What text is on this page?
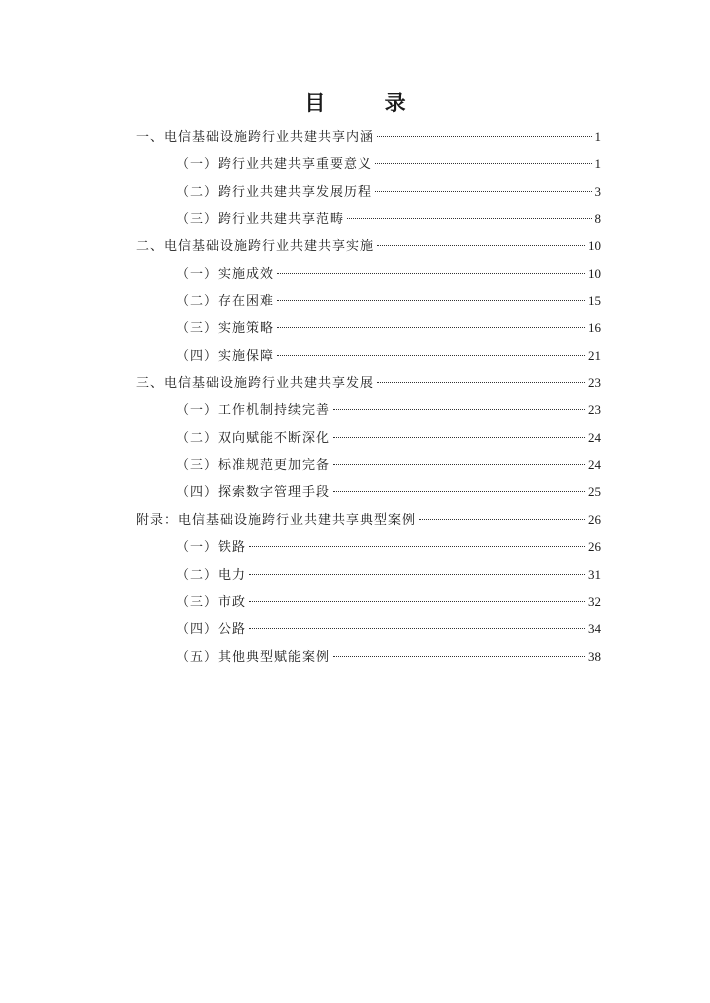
目 录
一、电信基础设施跨行业共建共享内涵	1
（一）跨行业共建共享重要意义	1
（二）跨行业共建共享发展历程	3
（三）跨行业共建共享范畴	8
二、电信基础设施跨行业共建共享实施	10
（一）实施成效	10
（二）存在困难	15
（三）实施策略	16
（四）实施保障	21
三、电信基础设施跨行业共建共享发展	23
（一）工作机制持续完善	23
（二）双向赋能不断深化	24
（三）标准规范更加完备	24
（四）探索数字管理手段	25
附录：电信基础设施跨行业共建共享典型案例	26
（一）铁路	26
（二）电力	31
（三）市政	32
（四）公路	34
（五）其他典型赋能案例	38
